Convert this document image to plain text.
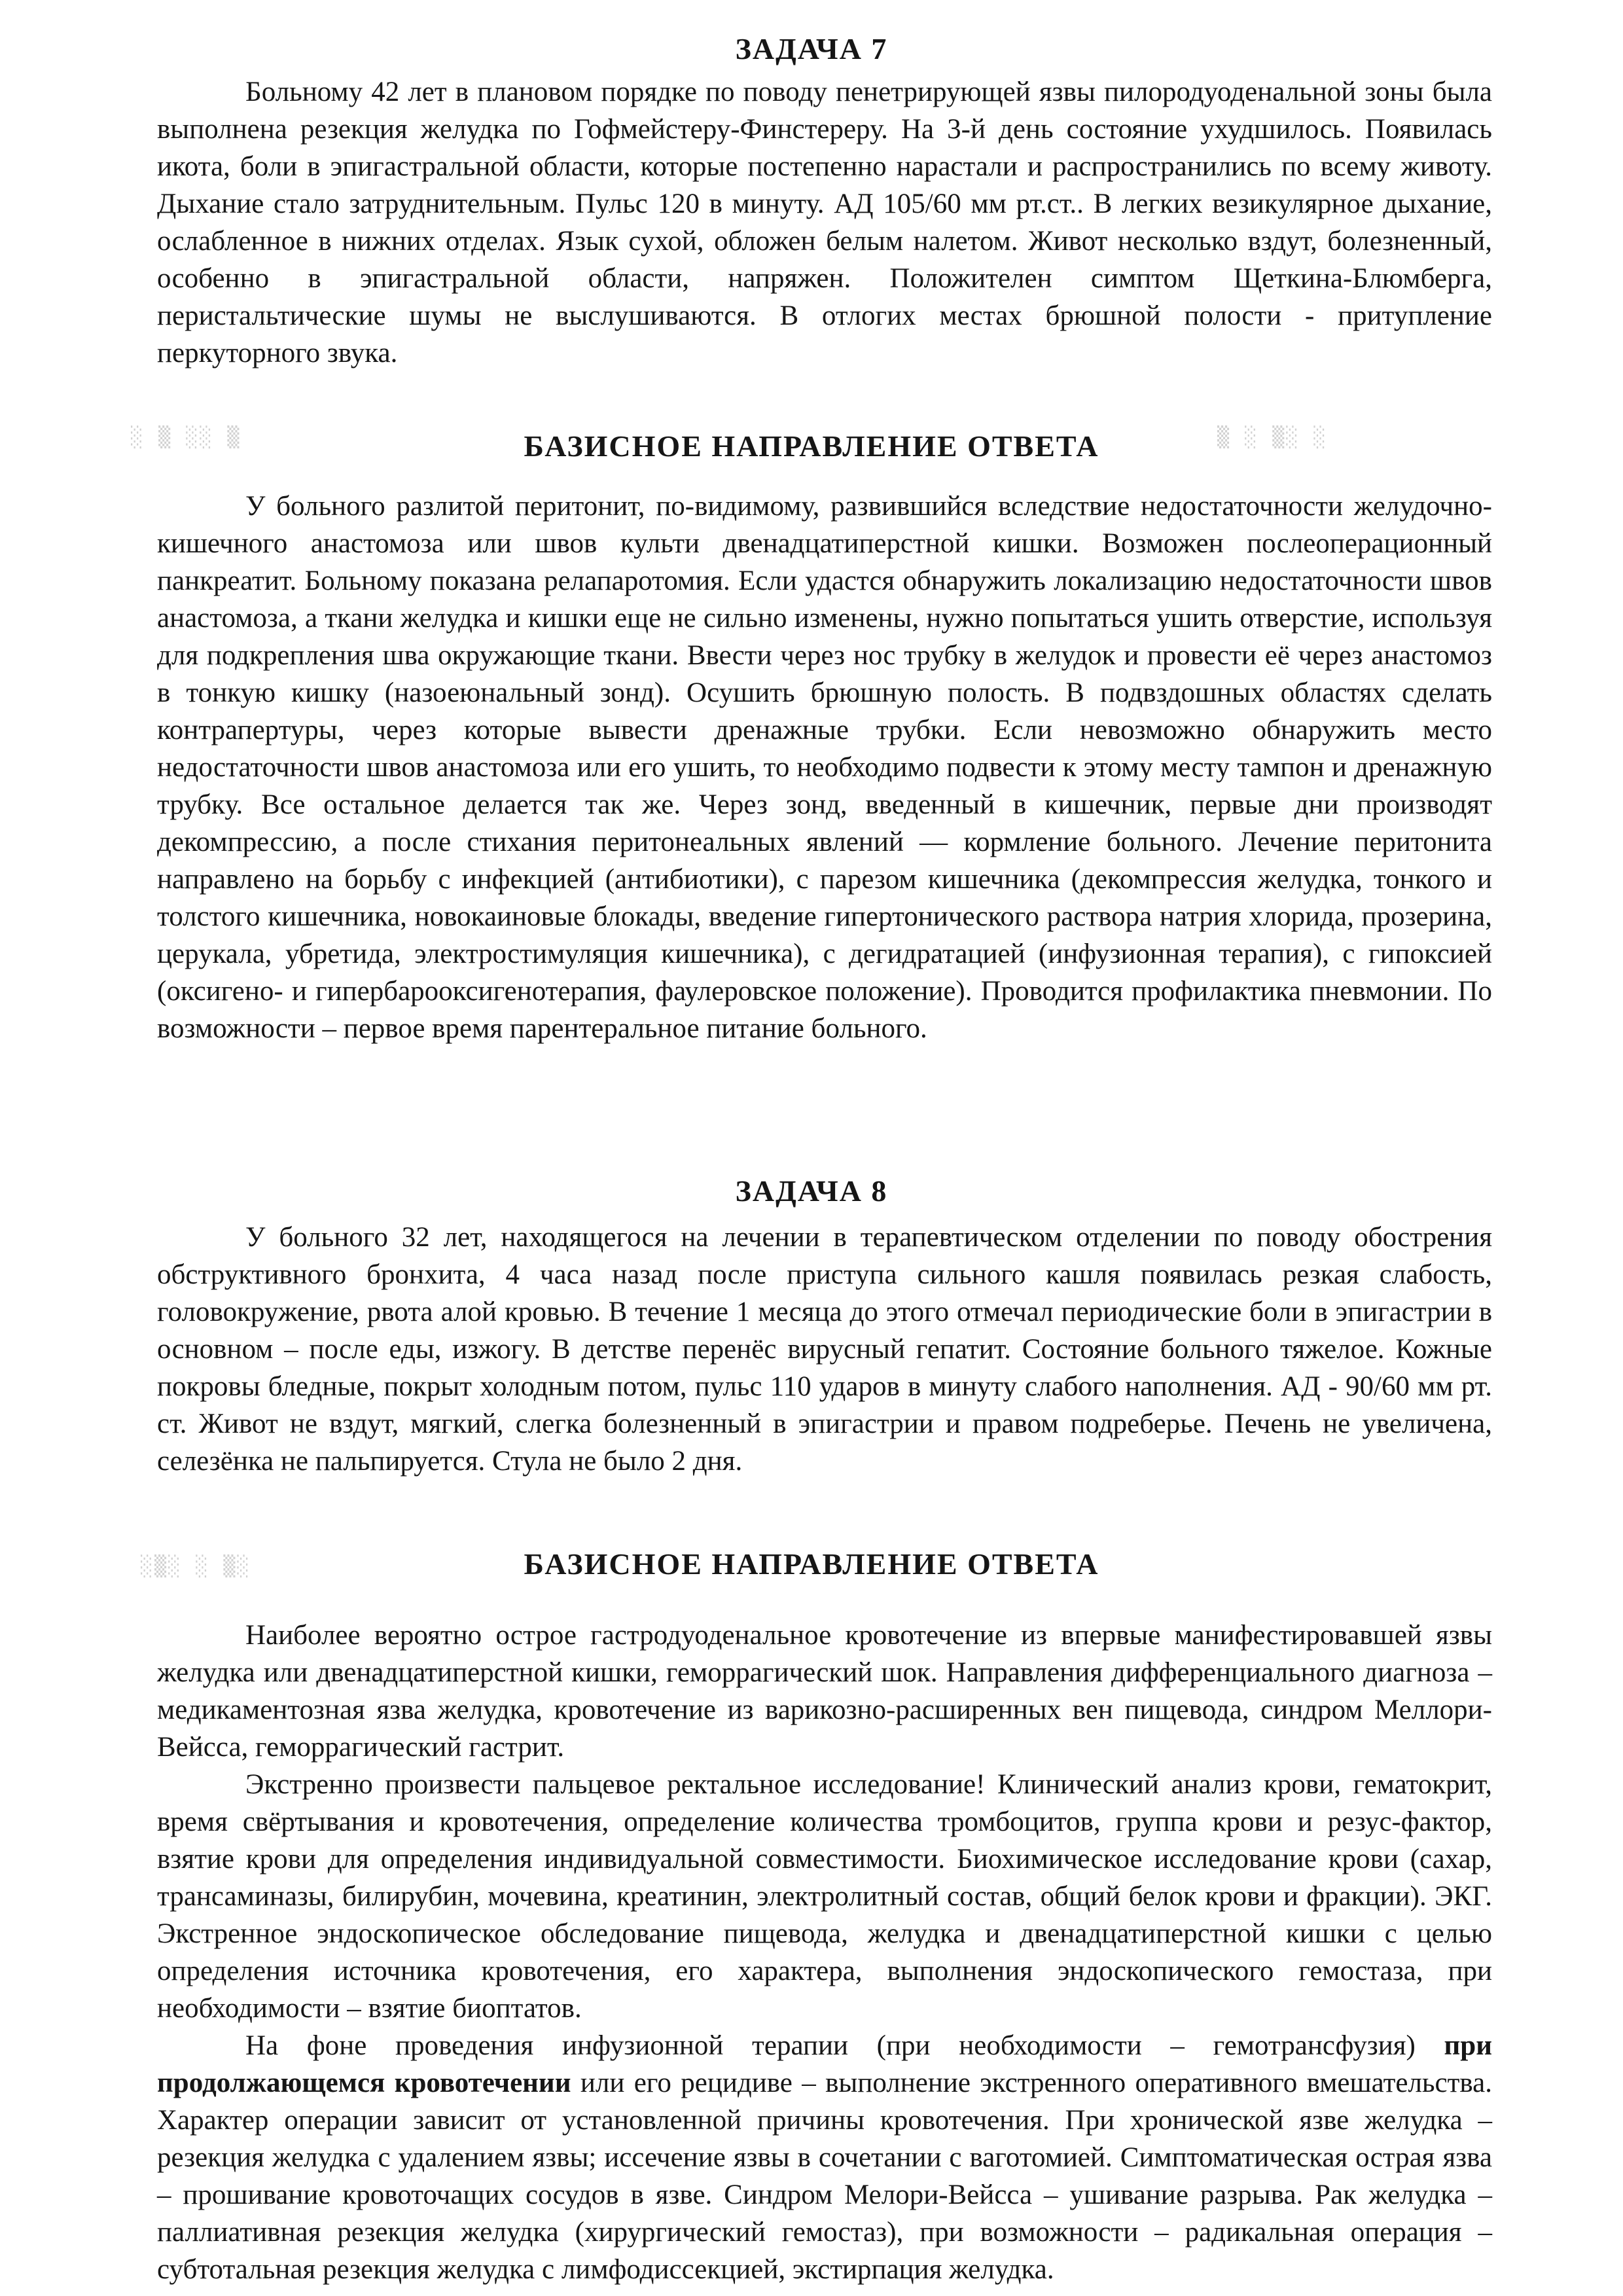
░ ▒ ░░ ▒	▒ ░ ▒░ ░
░▒░ ░ ▒░
ЗАДАЧА 7

Больному 42 лет в плановом порядке по поводу пенетрирующей язвы пилородуоденальной зоны была выполнена резекция желудка по Гофмейстеру-Финстереру. На 3-й день состояние ухудшилось. Появилась икота, боли в эпигастральной области, которые постепенно нарастали и распространились по всему животу. Дыхание стало затруднительным. Пульс 120 в минуту. АД 105/60 мм рт.ст.. В легких везикулярное дыхание, ослабленное в нижних отделах. Язык сухой, обложен белым налетом. Живот несколько вздут, болезненный, особенно в эпигастральной области, напряжен. Положителен симптом Щеткина-Блюмберга, перистальтические шумы не выслушиваются. В отлогих местах брюшной полости - притупление перкуторного звука.

БАЗИСНОЕ НАПРАВЛЕНИЕ ОТВЕТА

У больного разлитой перитонит, по-видимому, развившийся вследствие недостаточности желудочно-кишечного анастомоза или швов культи двенадцатиперстной кишки. Возможен послеоперационный панкреатит. Больному показана релапаротомия. Если удастся обнаружить локализацию недостаточности швов анастомоза, а ткани желудка и кишки еще не сильно изменены, нужно попытаться ушить отверстие, используя для подкрепления шва окружающие ткани. Ввести через нос трубку в желудок и провести её через анастомоз в тонкую кишку (назоеюнальный зонд). Осушить брюшную полость. В подвздошных областях сделать контрапертуры, через которые вывести дренажные трубки. Если невозможно обнаружить место недостаточности швов анастомоза или его ушить, то необходимо подвести к этому месту тампон и дренажную трубку. Все остальное делается так же. Через зонд, введенный в кишечник, первые дни производят декомпрессию, а после стихания перитонеальных явлений — кормление больного. Лечение перитонита направлено на борьбу с инфекцией (антибиотики), с парезом кишечника (декомпрессия желудка, тонкого и толстого кишечника, новокаиновые блокады, введение гипертонического раствора натрия хлорида, прозерина, церукала, убретида, электростимуляция кишечника), с дегидратацией (инфузионная терапия), с гипоксией (оксигено- и гипербарооксигенотерапия, фаулеровское положение). Проводится профилактика пневмонии. По возможности – первое время парентеральное питание больного.

ЗАДАЧА 8

У больного 32 лет, находящегося на лечении в терапевтическом отделении по поводу обострения обструктивного бронхита, 4 часа назад после приступа сильного кашля появилась резкая слабость, головокружение, рвота алой кровью. В течение 1 месяца до этого отмечал периодические боли в эпигастрии в основном – после еды, изжогу. В детстве перенёс вирусный гепатит. Состояние больного тяжелое. Кожные покровы бледные, покрыт холодным потом, пульс 110 ударов в минуту слабого наполнения. АД - 90/60 мм рт. ст. Живот не вздут, мягкий, слегка болезненный в эпигастрии и правом подреберье. Печень не увеличена, селезёнка не пальпируется. Стула не было 2 дня.

БАЗИСНОЕ НАПРАВЛЕНИЕ ОТВЕТА

Наиболее вероятно острое гастродуоденальное кровотечение из впервые манифестировавшей язвы желудка или двенадцатиперстной кишки, геморрагический шок. Направления дифференциального диагноза – медикаментозная язва желудка, кровотечение из варикозно-расширенных вен пищевода, синдром Меллори-Вейсса, геморрагический гастрит.

Экстренно произвести пальцевое ректальное исследование! Клинический анализ крови, гематокрит, время свёртывания и кровотечения, определение количества тромбоцитов, группа крови и резус-фактор, взятие крови для определения индивидуальной совместимости. Биохимическое исследование крови (сахар, трансаминазы, билирубин, мочевина, креатинин, электролитный состав, общий белок крови и фракции). ЭКГ. Экстренное эндоскопическое обследование пищевода, желудка и двенадцатиперстной кишки с целью определения источника кровотечения, его характера, выполнения эндоскопического гемостаза, при необходимости – взятие биоптатов.

На фоне проведения инфузионной терапии (при необходимости – гемотрансфузия) при продолжающемся кровотечении или его рецидиве – выполнение экстренного оперативного вмешательства. Характер операции зависит от установленной причины кровотечения. При хронической язве желудка – резекция желудка с удалением язвы; иссечение язвы в сочетании с ваготомией. Симптоматическая острая язва – прошивание кровоточащих сосудов в язве. Синдром Мелори-Вейсса – ушивание разрыва. Рак желудка – паллиативная резекция желудка (хирургический гемостаз), при возможности – радикальная операция – субтотальная резекция желудка с лимфодиссекцией, экстирпация желудка.
